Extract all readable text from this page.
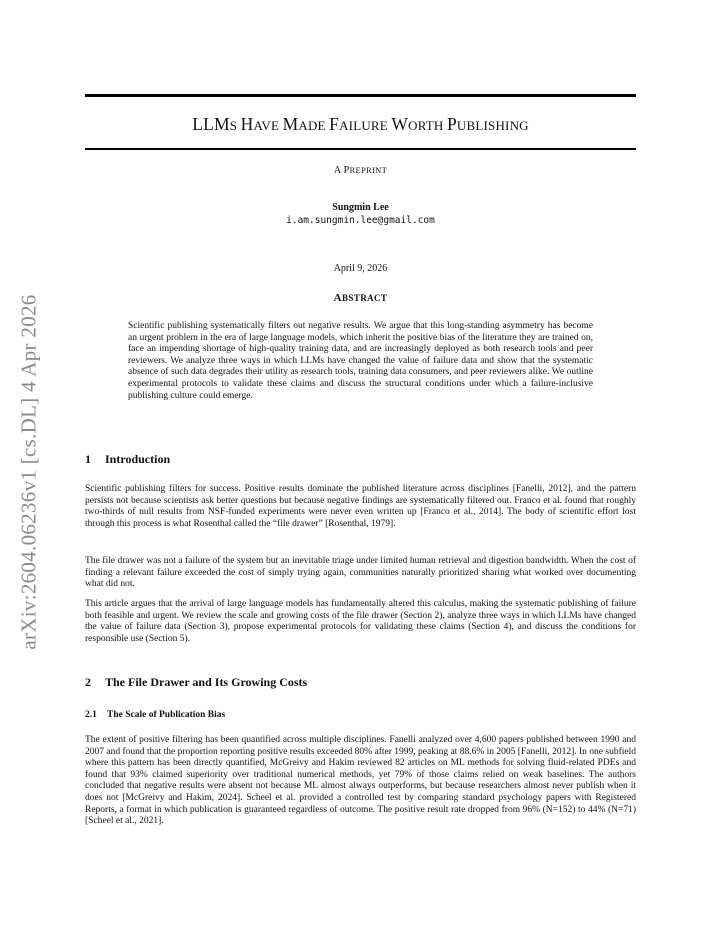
arXiv:2604.06236v1 [cs.DL] 4 Apr 2026
LLMS HAVE MADE FAILURE WORTH PUBLISHING
A PREPRINT
Sungmin Lee
i.am.sungmin.lee@gmail.com
April 9, 2026
ABSTRACT

Scientific publishing systematically filters out negative results. We argue that this long-standing asymmetry has become an urgent problem in the era of large language models, which inherit the positive bias of the literature they are trained on, face an impending shortage of high-quality training data, and are increasingly deployed as both research tools and peer reviewers. We analyze three ways in which LLMs have changed the value of failure data and show that the systematic absence of such data degrades their utility as research tools, training data consumers, and peer reviewers alike. We outline experimental protocols to validate these claims and discuss the structural conditions under which a failure-inclusive publishing culture could emerge.

1 Introduction

Scientific publishing filters for success. Positive results dominate the published literature across disciplines [Fanelli, 2012], and the pattern persists not because scientists ask better questions but because negative findings are systematically filtered out. Franco et al. found that roughly two-thirds of null results from NSF-funded experiments were never even written up [Franco et al., 2014]. The body of scientific effort lost through this process is what Rosenthal called the “file drawer” [Rosenthal, 1979].

The file drawer was not a failure of the system but an inevitable triage under limited human retrieval and digestion bandwidth. When the cost of finding a relevant failure exceeded the cost of simply trying again, communities naturally prioritized sharing what worked over documenting what did not.

This article argues that the arrival of large language models has fundamentally altered this calculus, making the systematic publishing of failure both feasible and urgent. We review the scale and growing costs of the file drawer (Section 2), analyze three ways in which LLMs have changed the value of failure data (Section 3), propose experimental protocols for validating these claims (Section 4), and discuss the conditions for responsible use (Section 5).

2 The File Drawer and Its Growing Costs
2.1 The Scale of Publication Bias

The extent of positive filtering has been quantified across multiple disciplines. Fanelli analyzed over 4,600 papers published between 1990 and 2007 and found that the proportion reporting positive results exceeded 80% after 1999, peaking at 88.6% in 2005 [Fanelli, 2012]. In one subfield where this pattern has been directly quantified, McGreivy and Hakim reviewed 82 articles on ML methods for solving fluid-related PDEs and found that 93% claimed superiority over traditional numerical methods, yet 79% of those claims relied on weak baselines. The authors concluded that negative results were absent not because ML almost always outperforms, but because researchers almost never publish when it does not [McGreivy and Hakim, 2024]. Scheel et al. provided a controlled test by comparing standard psychology papers with Registered Reports, a format in which publication is guaranteed regardless of outcome. The positive result rate dropped from 96% (N=152) to 44% (N=71) [Scheel et al., 2021].
